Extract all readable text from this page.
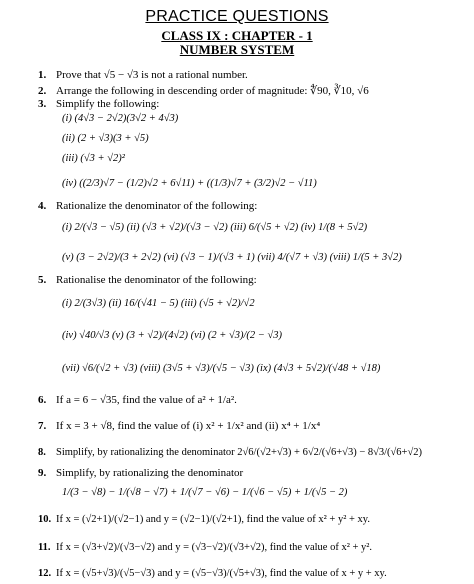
PRACTICE QUESTIONS
CLASS IX : CHAPTER - 1
NUMBER SYSTEM
1. Prove that √5 − √3 is not a rational number.
2. Arrange the following in descending order of magnitude: ∜90, ∛10, √6
3. Simplify the following:
(i) (4√3 − 2√2)(3√2 + 4√3)
(ii) (2 + √3)(3 + √5)
(iii) (√3 + √2)²
(iv) ((2/3)√7 − (1/2)√2 + 6√11) + ((1/3)√7 + (3/2)√2 − √11)
4. Rationalize the denominator of the following:
(i) 2/(√3 − √5) (ii) (√3 + √2)/(√3 − √2) (iii) 6/(√5 + √2) (iv) 1/(8 + 5√2)
(v) (3 − 2√2)/(3 + 2√2) (vi) (√3 − 1)/(√3 + 1) (vii) 4/(√7 + √3) (viii) 1/(5 + 3√2)
5. Rationalise the denominator of the following:
(i) 2/(3√3) (ii) 16/(√41 − 5) (iii) (√5 + √2)/√2
(iv) √40/√3 (v) (3 + √2)/(4√2) (vi) (2 + √3)/(2 − √3)
(vii) √6/(√2 + √3) (viii) (3√5 + √3)/(√5 − √3) (ix) (4√3 + 5√2)/(√48 + √18)
6. If a = 6 − √35, find the value of a² + 1/a².
7. If x = 3 + √8, find the value of (i) x² + 1/x² and (ii) x⁴ + 1/x⁴
8. Simplify, by rationalizing the denominator 2√6/(√2+√3) + 6√2/(√6+√3) − 8√3/(√6+√2)
9. Simplify, by rationalizing the denominator
1/(3 − √8) − 1/(√8 − √7) + 1/(√7 − √6) − 1/(√6 − √5) + 1/(√5 − 2)
10. If x = (√2+1)/(√2−1) and y = (√2−1)/(√2+1), find the value of x² + y² + xy.
11. If x = (√3+√2)/(√3−√2) and y = (√3−√2)/(√3+√2), find the value of x² + y².
12. If x = (√5+√3)/(√5−√3) and y = (√5−√3)/(√5+√3), find the value of x + y + xy.
